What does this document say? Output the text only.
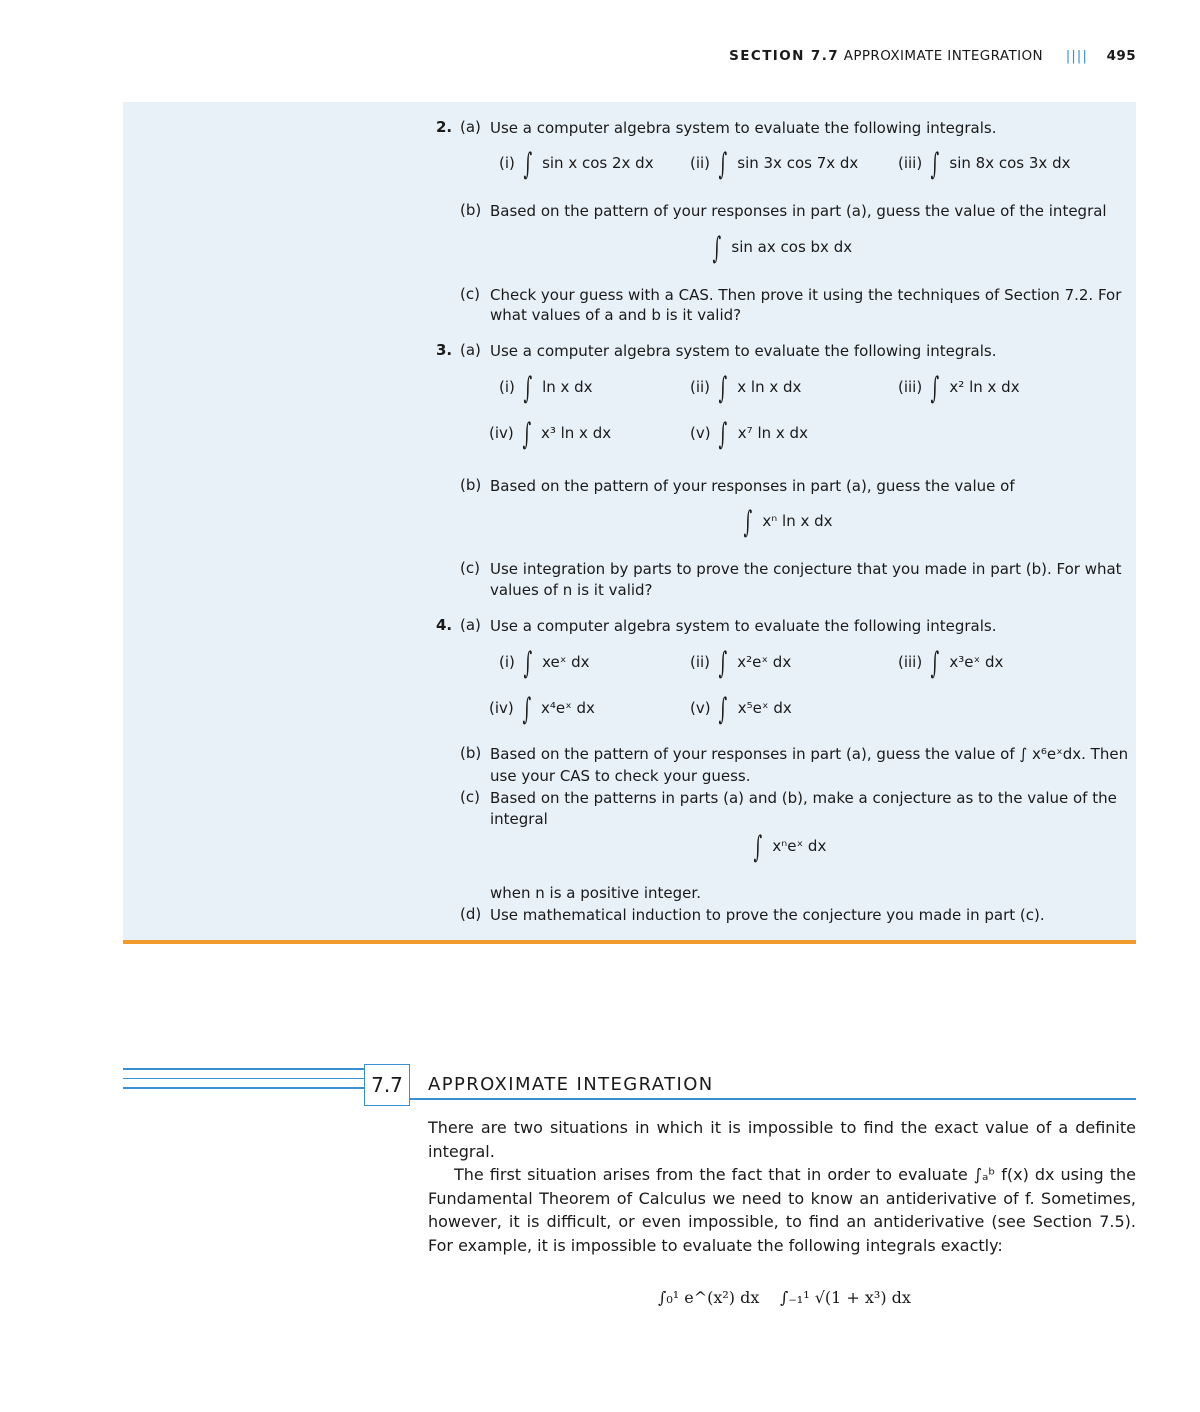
SECTION 7.7 APPROXIMATE INTEGRATION |||| 495
2. (a) Use a computer algebra system to evaluate the following integrals.
(i) ∫ sin x cos 2x dx (ii) ∫ sin 3x cos 7x dx	(iii) ∫ sin 8x cos 3x dx
(b) Based on the pattern of your responses in part (a), guess the value of the integral
∫ sin ax cos bx dx
(c) Check your guess with a CAS. Then prove it using the techniques of Section 7.2. For
what values of a and b is it valid?
3. (a) Use a computer algebra system to evaluate the following integrals.
(i) ∫ ln x dx	(ii) ∫ x ln x dx	(iii) ∫ x² ln x dx
(iv) ∫ x³ ln x dx	(v) ∫ x⁷ ln x dx
(b) Based on the pattern of your responses in part (a), guess the value of
∫ xⁿ ln x dx
(c) Use integration by parts to prove the conjecture that you made in part (b). For what
values of n is it valid?
4. (a) Use a computer algebra system to evaluate the following integrals.
(i) ∫ xeˣ dx	(ii) ∫ x²eˣ dx	(iii) ∫ x³eˣ dx
(iv) ∫ x⁴eˣ dx	(v) ∫ x⁵eˣ dx
(b) Based on the pattern of your responses in part (a), guess the value of ∫ x⁶eˣdx. Then
use your CAS to check your guess.
(c) Based on the patterns in parts (a) and (b), make a conjecture as to the value of the
integral
∫ xⁿeˣ dx
when n is a positive integer.
(d) Use mathematical induction to prove the conjecture you made in part (c).
7.7	APPROXIMATE INTEGRATION
There are two situations in which it is impossible to find the exact value of a definite integral.
The first situation arises from the fact that in order to evaluate ∫ₐᵇ f(x) dx using the Fundamental Theorem of Calculus we need to know an antiderivative of f. Sometimes, however, it is difficult, or even impossible, to find an antiderivative (see Section 7.5). For example, it is impossible to evaluate the following integrals exactly:
∫₀¹ e^(x²) dx ∫₋₁¹ √(1 + x³) dx
